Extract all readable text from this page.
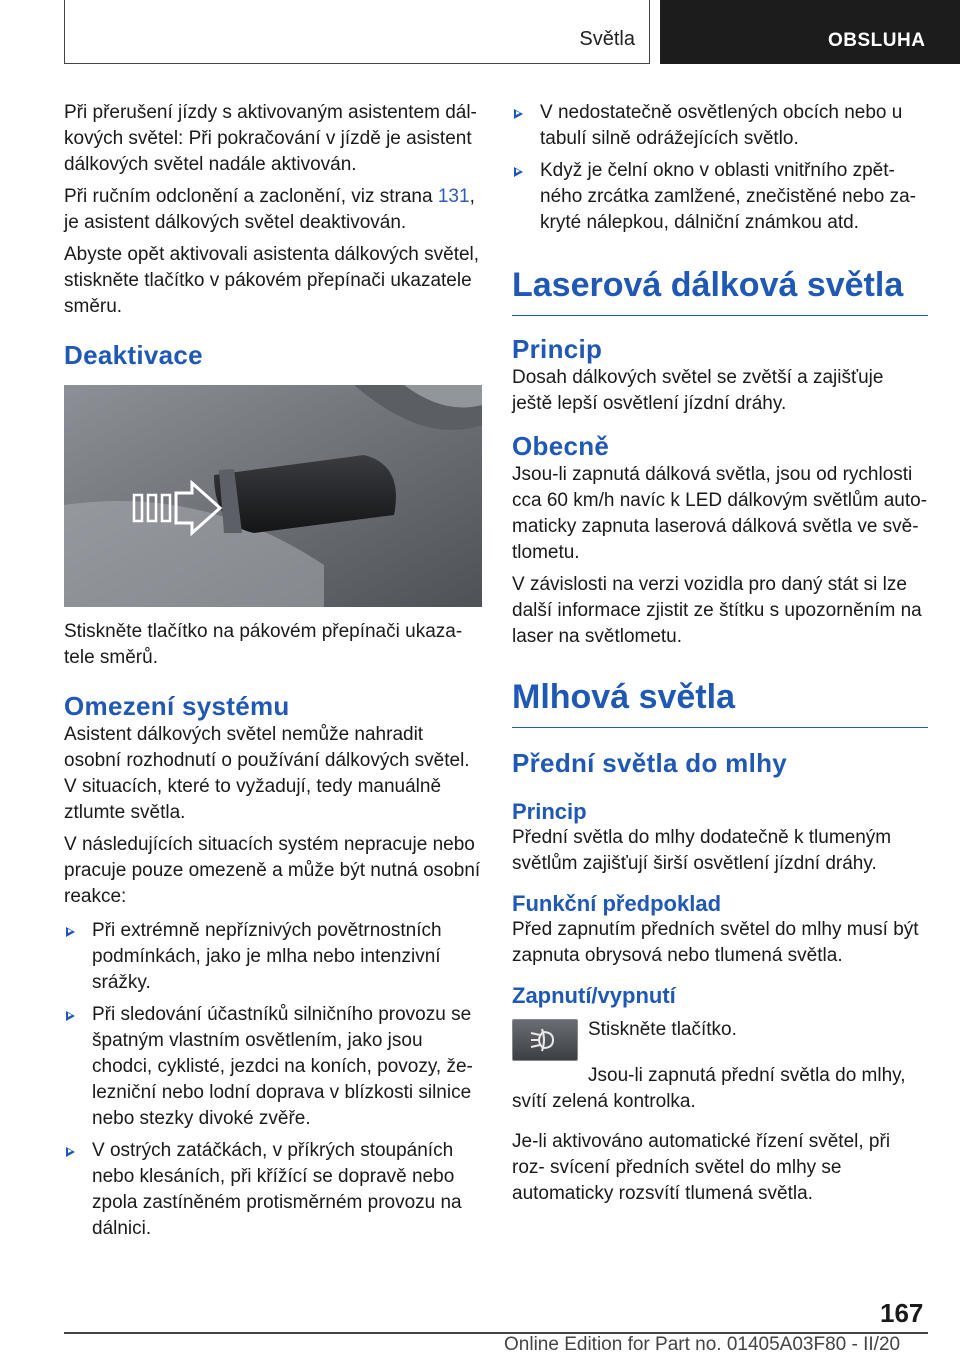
Světla	OBSLUHA

Při přerušení jízdy s aktivovaným asistentem dál‐ kových světel: Při pokračování v jízdě je asistent dálkových světel nadále aktivován.

Při ručním odclonění a zaclonění, viz strana 131, je asistent dálkových světel deaktivován.

Abyste opět aktivovali asistenta dálkových světel, stiskněte tlačítko v pákovém přepínači ukazatele směru.

Deaktivace

Stiskněte tlačítko na pákovém přepínači ukaza‐ tele směrů.

Omezení systému

Asistent dálkových světel nemůže nahradit osobní rozhodnutí o používání dálkových světel. V situacích, které to vyžadují, tedy manuálně ztlumte světla.

V následujících situacích systém nepracuje nebo pracuje pouze omezeně a může být nutná osobní reakce:

Při extrémně nepříznivých povětrnostních podmínkách, jako je mlha nebo intenzivní srážky.

Při sledování účastníků silničního provozu se špatným vlastním osvětlením, jako jsou chodci, cyklisté, jezdci na koních, povozy, že‐ lezniční nebo lodní doprava v blízkosti silnice nebo stezky divoké zvěře.

V ostrých zatáčkách, v příkrých stoupáních nebo klesáních, při křížící se dopravě nebo zpola zastíněném protisměrném provozu na dálnici.

V nedostatečně osvětlených obcích nebo u tabulí silně odrážejících světlo.

Když je čelní okno v oblasti vnitřního zpět‐ ného zrcátka zamlžené, znečistěné nebo za‐ kryté nálepkou, dálniční známkou atd.

Laserová dálková světla
Princip

Dosah dálkových světel se zvětší a zajišťuje ještě lepší osvětlení jízdní dráhy.

Obecně

Jsou-li zapnutá dálková světla, jsou od rychlosti cca 60 km/h navíc k LED dálkovým světlům auto‐ maticky zapnuta laserová dálková světla ve svě‐ tlometu.

V závislosti na verzi vozidla pro daný stát si lze další informace zjistit ze štítku s upozorněním na laser na světlometu.

Mlhová světla
Přední světla do mlhy
Princip

Přední světla do mlhy dodatečně k tlumeným světlům zajišťují širší osvětlení jízdní dráhy.

Funkční předpoklad

Před zapnutím předních světel do mlhy musí být zapnuta obrysová nebo tlumená světla.

Zapnutí/vypnutí

Stiskněte tlačítko.

Jsou-li zapnutá přední světla do mlhy, svítí zelená kontrolka.

Je-li aktivováno automatické řízení světel, při roz‐ svícení předních světel do mlhy se automaticky rozsvítí tlumená světla.

167
Online Edition for Part no. 01405A03F80 - II/20
